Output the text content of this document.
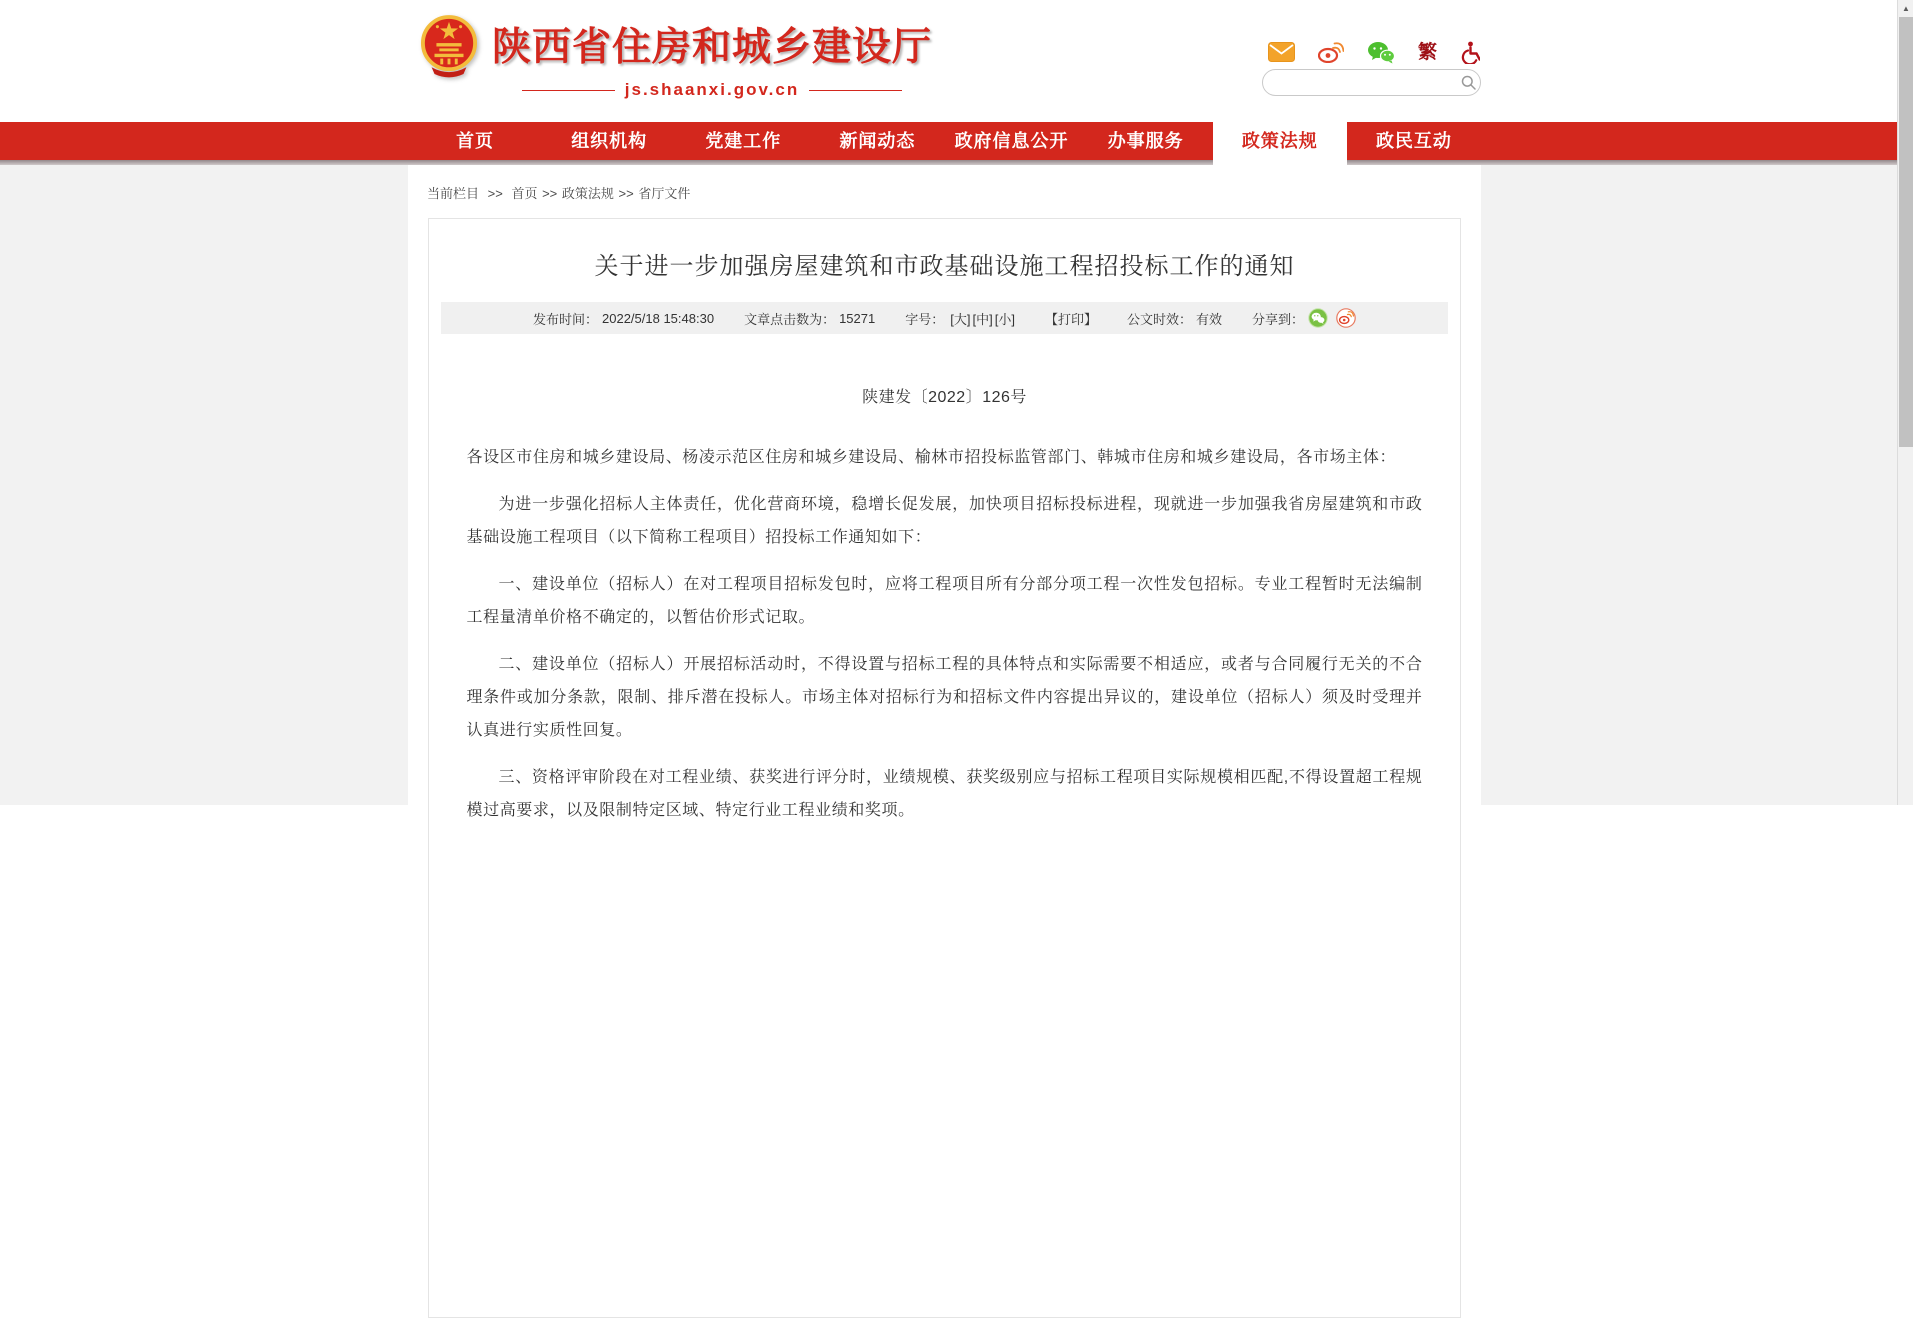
陕西省住房和城乡建设厅
js.shaanxi.gov.cn
繁
首页	组织机构	党建工作	新闻动态	政府信息公开	办事服务	政策法规	政民互动
当前栏目 >> 首页 >> 政策法规 >> 省厅文件
关于进一步加强房屋建筑和市政基础设施工程招投标工作的通知
发布时间： 2022/5/18 15:48:30 文章点击数为： 15271 字号： [大] [中] [小] 【打印】 公文时效： 有效 分享到：

陕建发〔2022〕126号

各设区市住房和城乡建设局、杨凌示范区住房和城乡建设局、榆林市招投标监管部门、韩城市住房和城乡建设局，各市场主体：

为进一步强化招标人主体责任，优化营商环境，稳增长促发展，加快项目招标投标进程，现就进一步加强我省房屋建筑和市政基础设施工程项目（以下简称工程项目）招投标工作通知如下：

一、建设单位（招标人）在对工程项目招标发包时，应将工程项目所有分部分项工程一次性发包招标。专业工程暂时无法编制工程量清单价格不确定的，以暂估价形式记取。

二、建设单位（招标人）开展招标活动时，不得设置与招标工程的具体特点和实际需要不相适应，或者与合同履行无关的不合理条件或加分条款，限制、排斥潜在投标人。市场主体对招标行为和招标文件内容提出异议的，建设单位（招标人）须及时受理并认真进行实质性回复。

三、资格评审阶段在对工程业绩、获奖进行评分时，业绩规模、获奖级别应与招标工程项目实际规模相匹配,不得设置超工程规模过高要求，以及限制特定区域、特定行业工程业绩和奖项。

▲
